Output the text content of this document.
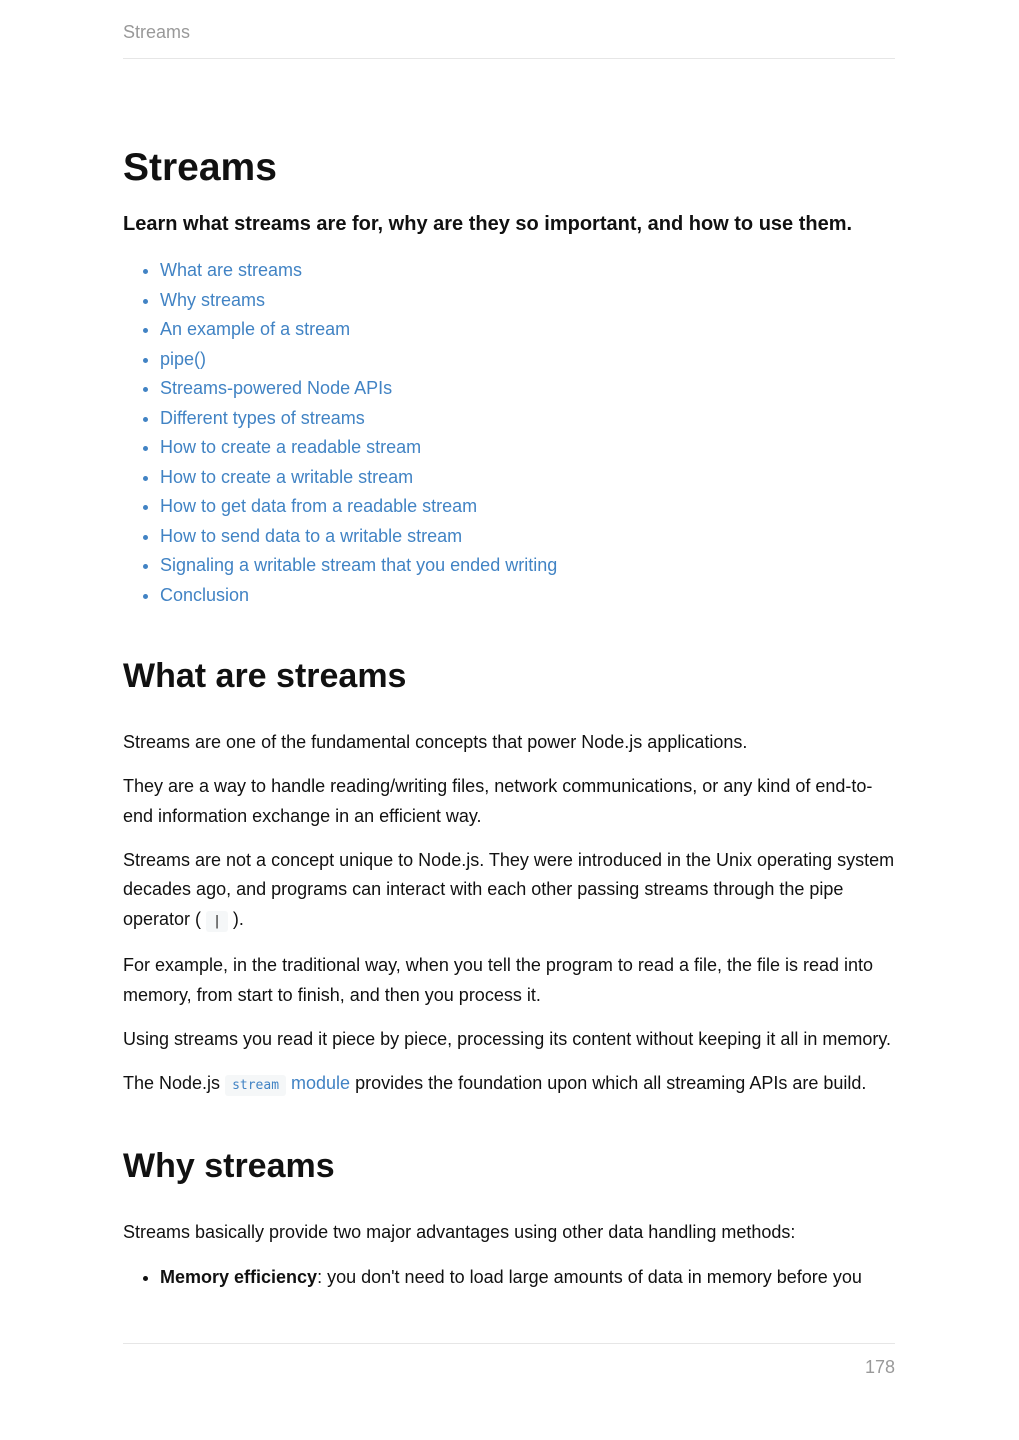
Streams
Streams
Learn what streams are for, why are they so important, and how to use them.
• What are streams
• Why streams
• An example of a stream
• pipe()
• Streams-powered Node APIs
• Different types of streams
• How to create a readable stream
• How to create a writable stream
• How to get data from a readable stream
• How to send data to a writable stream
• Signaling a writable stream that you ended writing
• Conclusion
What are streams

Streams are one of the fundamental concepts that power Node.js applications.

They are a way to handle reading/writing files, network communications, or any kind of end-to-end information exchange in an efficient way.

Streams are not a concept unique to Node.js. They were introduced in the Unix operating system decades ago, and programs can interact with each other passing streams through the pipe operator ( | ).

For example, in the traditional way, when you tell the program to read a file, the file is read into memory, from start to finish, and then you process it.

Using streams you read it piece by piece, processing its content without keeping it all in memory.

The Node.js stream module provides the foundation upon which all streaming APIs are build.

Why streams

Streams basically provide two major advantages using other data handling methods:

• Memory efficiency: you don't need to load large amounts of data in memory before you
178
